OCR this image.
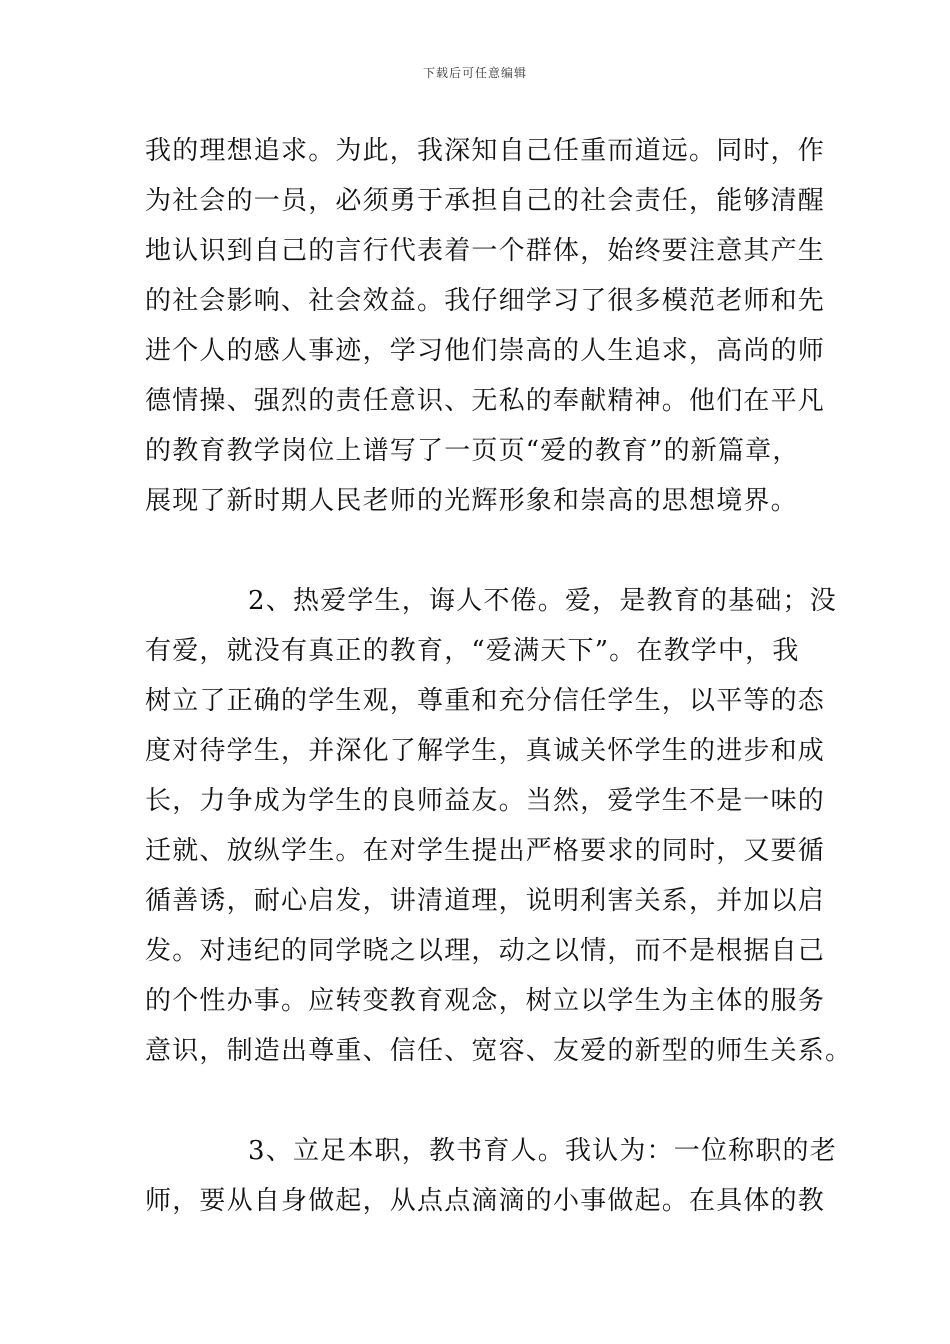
下载后可任意编辑
我的理想追求。为此，我深知自己任重而道远。同时，作
为社会的一员，必须勇于承担自己的社会责任，能够清醒
地认识到自己的言行代表着一个群体，始终要注意其产生
的社会影响、社会效益。我仔细学习了很多模范老师和先
进个人的感人事迹，学习他们崇高的人生追求，高尚的师
德情操、强烈的责任意识、无私的奉献精神。他们在平凡
的教育教学岗位上谱写了一页页“爱的教育”的新篇章，
展现了新时期人民老师的光辉形象和崇高的思想境界。
2、热爱学生，诲人不倦。爱，是教育的基础；没
有爱，就没有真正的教育，“爱满天下”。在教学中，我
树立了正确的学生观，尊重和充分信任学生，以平等的态
度对待学生，并深化了解学生，真诚关怀学生的进步和成
长，力争成为学生的良师益友。当然，爱学生不是一味的
迁就、放纵学生。在对学生提出严格要求的同时，又要循
循善诱，耐心启发，讲清道理，说明利害关系，并加以启
发。对违纪的同学晓之以理，动之以情，而不是根据自己
的个性办事。应转变教育观念，树立以学生为主体的服务
意识，制造出尊重、信任、宽容、友爱的新型的师生关系。
3、立足本职，教书育人。我认为：一位称职的老
师，要从自身做起，从点点滴滴的小事做起。在具体的教
